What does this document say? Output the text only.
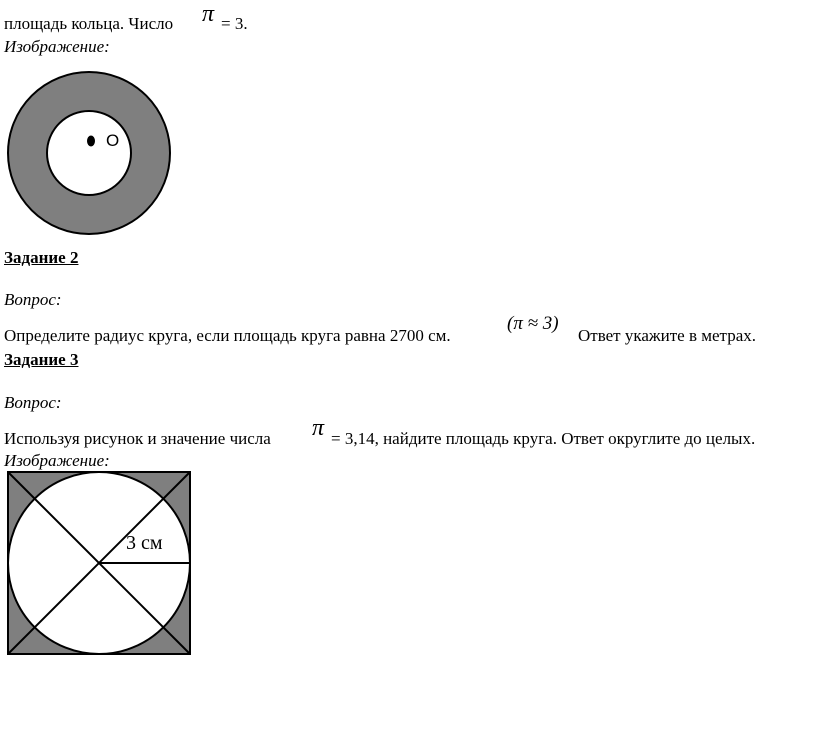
площадь кольца. Число π = 3.
Изображение:
O
Задание 2
Вопрос:
Определите радиус круга, если площадь круга равна 2700 см.
(π ≈ 3)
Ответ укажите в метрах.
Задание 3
Вопрос:
Используя рисунок и значение числа π = 3,14, найдите площадь круга. Ответ округлите до целых.
Изображение:
3 см
